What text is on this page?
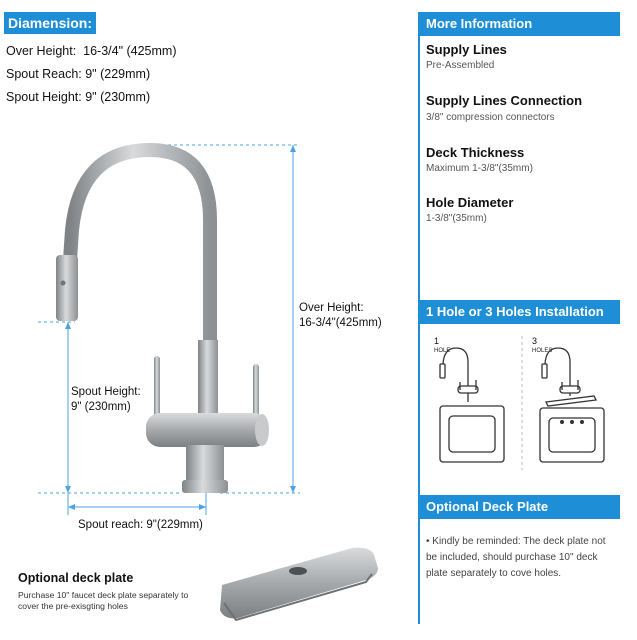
Diamension:
Over Height: 16-3/4" (425mm)
Spout Reach: 9" (229mm)
Spout Height: 9" (230mm)
Over Height:
16-3/4"(425mm)
Spout Height:
9" (230mm)
Spout reach: 9"(229mm)
Optional deck plate
Purchase 10" faucet deck plate separately to cover the pre-exisgting holes
More Information
Supply Lines
Pre-Assembled
Supply Lines Connection
3/8" compression connectors
Deck Thickness
Maximum 1-3/8"(35mm)
Hole Diameter
1-3/8"(35mm)
1 Hole or 3 Holes Installation
1
HOLE
3
HOLES
Optional Deck Plate
• Kindly be reminded: The deck plate not be included, should purchase 10" deck plate separately to cove holes.
